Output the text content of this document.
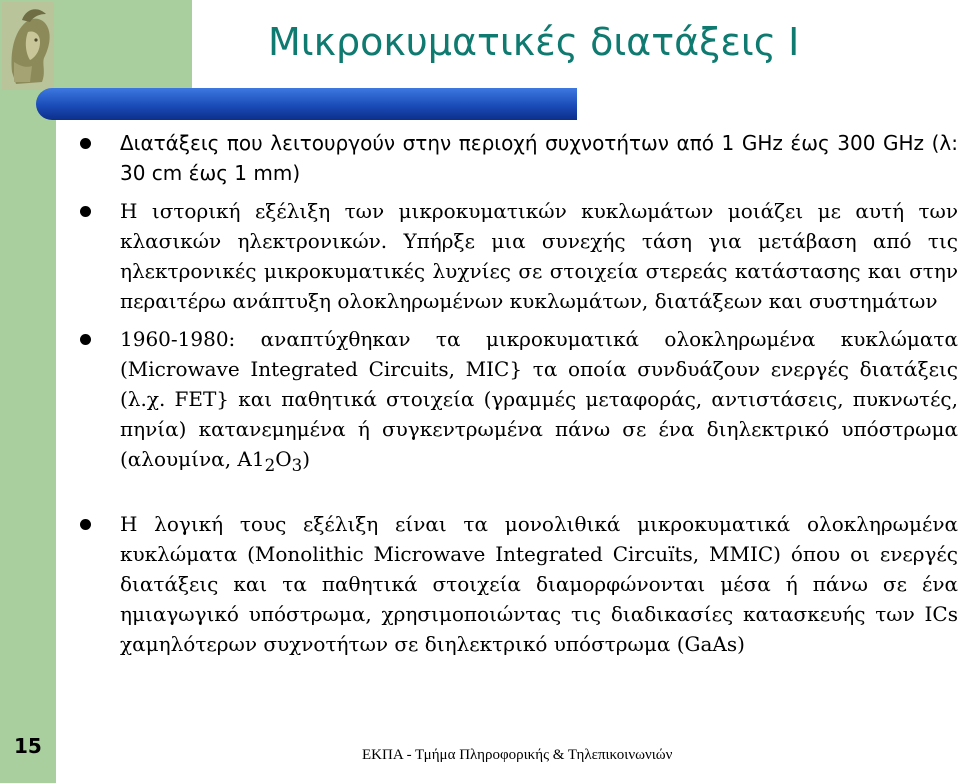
Μικροκυματικές διατάξεις Ι
Διατάξεις που λειτουργούν στην περιοχή συχνοτήτων από 1 GHz έως 300 GHz (λ: 30 cm έως 1 mm)
Η ιστορική εξέλιξη των μικροκυματικών κυκλωμάτων μοιάζει με αυτή των κλασικών ηλεκτρονικών. Υπήρξε μια συνεχής τάση για μετάβαση από τις ηλεκτρονικές μικροκυματικές λυχνίες σε στοιχεία στερεάς κατάστασης και στην περαιτέρω ανάπτυξη ολοκληρωμένων κυκλωμάτων, διατάξεων και συστημάτων
1960-1980: αναπτύχθηκαν τα μικροκυματικά ολοκληρωμένα κυκλώματα (Microwave Integrated Circuits, MIC} τα οποία συνδυάζουν ενεργές διατάξεις (λ.χ. FET} και παθητικά στοιχεία (γραμμές μεταφοράς, αντιστάσεις, πυκνωτές, πηνία) κατανεμημένα ή συγκεντρωμένα πάνω σε ένα διηλεκτρικό υπόστρωμα (αλουμίνα, $A1_2O_3$)
Η λογική τους εξέλιξη είναι τα μονολιθικά μικροκυματικά ολοκληρωμένα κυκλώματα (Monolithic Microwave Integrated Circuïts, MMIC) όπου οι ενεργές διατάξεις και τα παθητικά στοιχεία διαμορφώνονται μέσα ή πάνω σε ένα ημιαγωγικό υπόστρωμα, χρησιμοποιώντας τις διαδικασίες κατασκευής των ICs χαμηλότερων συχνοτήτων σε διηλεκτρικό υπόστρωμα (GaAs)
15	ΕΚΠΑ - Τμήμα Πληροφορικής & Τηλεπικοινωνιών
